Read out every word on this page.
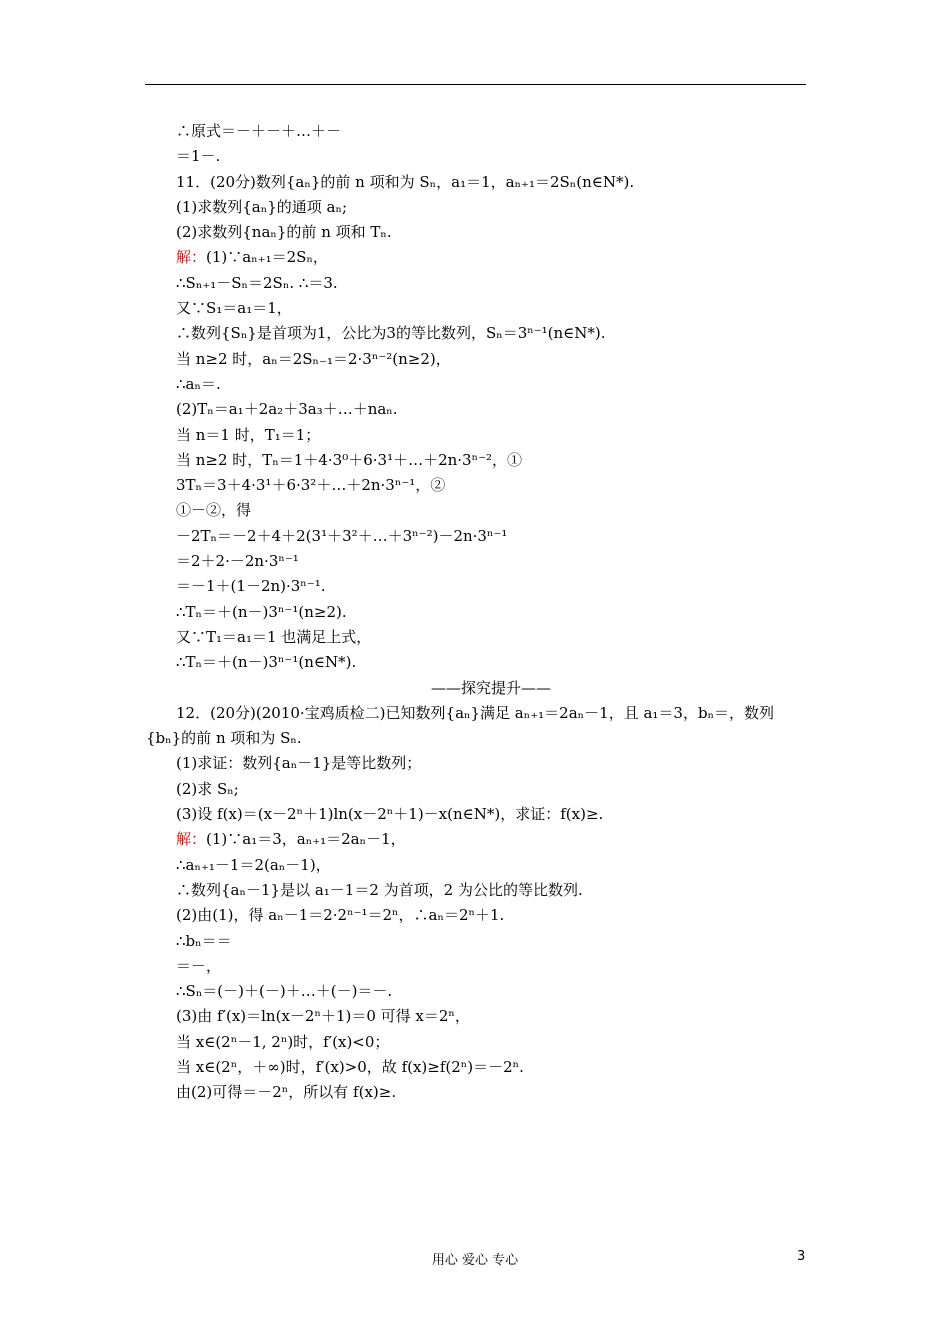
∴原式＝－＋－＋…＋－
＝1－.
11．(20分)数列{aₙ}的前 n 项和为 Sₙ，a₁＝1，aₙ₊₁＝2Sₙ(n∈N*).
(1)求数列{aₙ}的通项 aₙ;
(2)求数列{naₙ}的前 n 项和 Tₙ.
解：(1)∵aₙ₊₁＝2Sₙ，
∴Sₙ₊₁－Sₙ＝2Sₙ. ∴＝3.
又∵S₁＝a₁＝1，
∴数列{Sₙ}是首项为1，公比为3的等比数列，Sₙ＝3ⁿ⁻¹(n∈N*).
当 n≥2 时，aₙ＝2Sₙ₋₁＝2·3ⁿ⁻²(n≥2)，
∴aₙ＝.
(2)Tₙ＝a₁＋2a₂＋3a₃＋…＋naₙ.
当 n＝1 时，T₁＝1；
当 n≥2 时，Tₙ＝1＋4·3⁰＋6·3¹＋…＋2n·3ⁿ⁻²，①
3Tₙ＝3＋4·3¹＋6·3²＋…＋2n·3ⁿ⁻¹，②
①－②，得
－2Tₙ＝－2＋4＋2(3¹＋3²＋…＋3ⁿ⁻²)－2n·3ⁿ⁻¹
＝2＋2·－2n·3ⁿ⁻¹
＝－1＋(1－2n)·3ⁿ⁻¹.
∴Tₙ＝＋(n－)3ⁿ⁻¹(n≥2).
又∵T₁＝a₁＝1 也满足上式，
∴Tₙ＝＋(n－)3ⁿ⁻¹(n∈N*).
——探究提升——
12．(20分)(2010·宝鸡质检二)已知数列{aₙ}满足 aₙ₊₁＝2aₙ－1，且 a₁＝3，bₙ＝，数列
{bₙ}的前 n 项和为 Sₙ.
(1)求证：数列{aₙ－1}是等比数列；
(2)求 Sₙ;
(3)设 f(x)＝(x－2ⁿ＋1)ln(x－2ⁿ＋1)－x(n∈N*)，求证：f(x)≥.
解：(1)∵a₁＝3，aₙ₊₁＝2aₙ－1，
∴aₙ₊₁－1＝2(aₙ－1)，
∴数列{aₙ－1}是以 a₁－1＝2 为首项，2 为公比的等比数列.
(2)由(1)，得 aₙ－1＝2·2ⁿ⁻¹＝2ⁿ，∴aₙ＝2ⁿ＋1.
∴bₙ＝＝
＝－，
∴Sₙ＝(－)＋(－)＋…＋(－)＝－.
(3)由 f′(x)＝ln(x－2ⁿ＋1)＝0 可得 x＝2ⁿ，
当 x∈(2ⁿ－1, 2ⁿ)时，f′(x)<0；
当 x∈(2ⁿ，＋∞)时，f′(x)>0，故 f(x)≥f(2ⁿ)＝－2ⁿ.
由(2)可得＝－2ⁿ，所以有 f(x)≥.
用心 爱心 专心	3
